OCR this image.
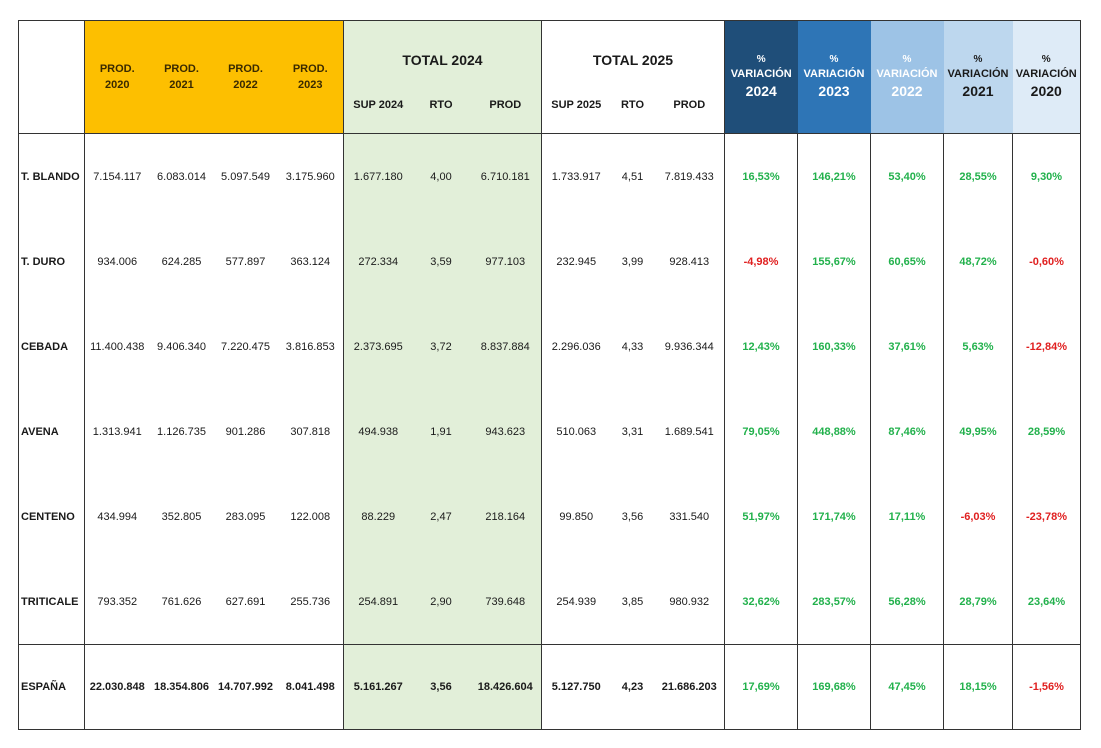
	PROD. 2020	PROD. 2021	PROD. 2022	PROD. 2023	TOTAL 2024			TOTAL 2025			%
VARIACIÓN
2024	%
VARIACIÓN
2023	%
VARIACIÓN
2022	%
VARIACIÓN
2021	%
VARIACIÓN
2020

					SUP 2024	RTO	PROD	SUP 2025	RTO	PROD					
T. BLANDO	7.154.117	6.083.014	5.097.549	3.175.960	1.677.180	4,00	6.710.181	1.733.917	4,51	7.819.433	16,53%	146,21%	53,40%	28,55%	9,30%
T. DURO	934.006	624.285	577.897	363.124	272.334	3,59	977.103	232.945	3,99	928.413	-4,98%	155,67%	60,65%	48,72%	-0,60%
CEBADA	11.400.438	9.406.340	7.220.475	3.816.853	2.373.695	3,72	8.837.884	2.296.036	4,33	9.936.344	12,43%	160,33%	37,61%	5,63%	-12,84%
AVENA	1.313.941	1.126.735	901.286	307.818	494.938	1,91	943.623	510.063	3,31	1.689.541	79,05%	448,88%	87,46%	49,95%	28,59%
CENTENO	434.994	352.805	283.095	122.008	88.229	2,47	218.164	99.850	3,56	331.540	51,97%	171,74%	17,11%	-6,03%	-23,78%
TRITICALE	793.352	761.626	627.691	255.736	254.891	2,90	739.648	254.939	3,85	980.932	32,62%	283,57%	56,28%	28,79%	23,64%
ESPAÑA	22.030.848	18.354.806	14.707.992	8.041.498	5.161.267	3,56	18.426.604	5.127.750	4,23	21.686.203	17,69%	169,68%	47,45%	18,15%	-1,56%
